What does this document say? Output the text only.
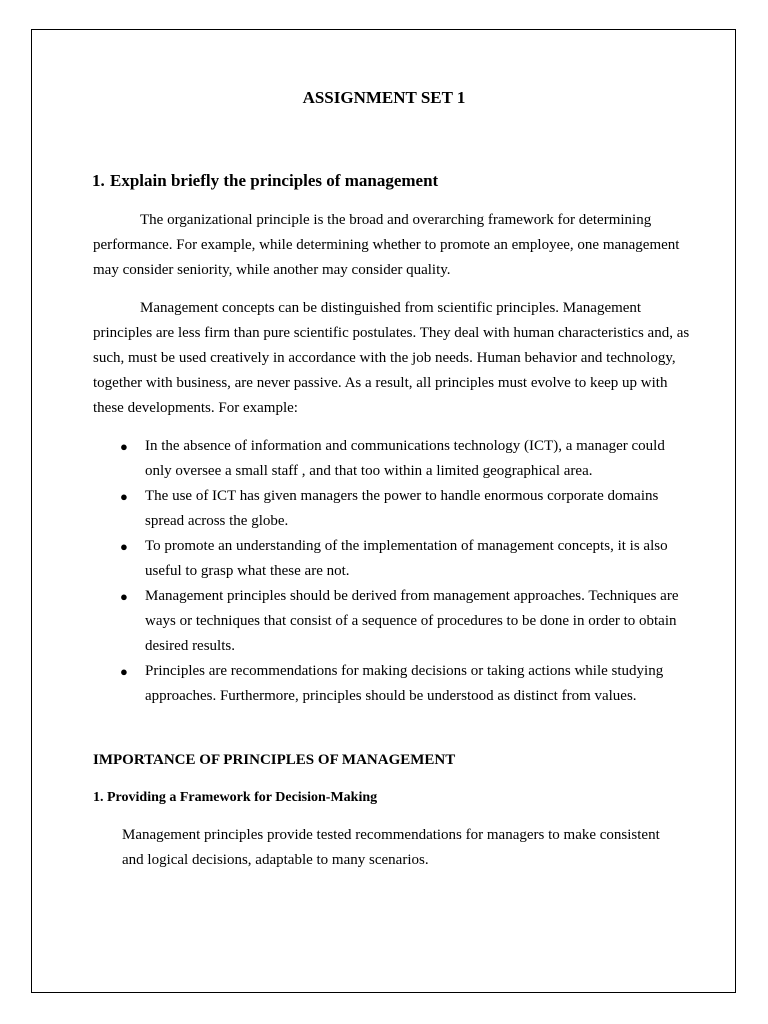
ASSIGNMENT SET 1
1. Explain briefly the principles of management

The organizational principle is the broad and overarching framework for determining performance. For example, while determining whether to promote an employee, one management may consider seniority, while another may consider quality.

Management concepts can be distinguished from scientific principles. Management principles are less firm than pure scientific postulates. They deal with human characteristics and, as such, must be used creatively in accordance with the job needs. Human behavior and technology, together with business, are never passive. As a result, all principles must evolve to keep up with these developments. For example:

● In the absence of information and communications technology (ICT), a manager could only oversee a small staff , and that too within a limited geographical area.
● The use of ICT has given managers the power to handle enormous corporate domains spread across the globe.
● To promote an understanding of the implementation of management concepts, it is also useful to grasp what these are not.
● Management principles should be derived from management approaches. Techniques are ways or techniques that consist of a sequence of procedures to be done in order to obtain desired results.
● Principles are recommendations for making decisions or taking actions while studying approaches. Furthermore, principles should be understood as distinct from values.
IMPORTANCE OF PRINCIPLES OF MANAGEMENT
1. Providing a Framework for Decision-Making

Management principles provide tested recommendations for managers to make consistent and logical decisions, adaptable to many scenarios.
